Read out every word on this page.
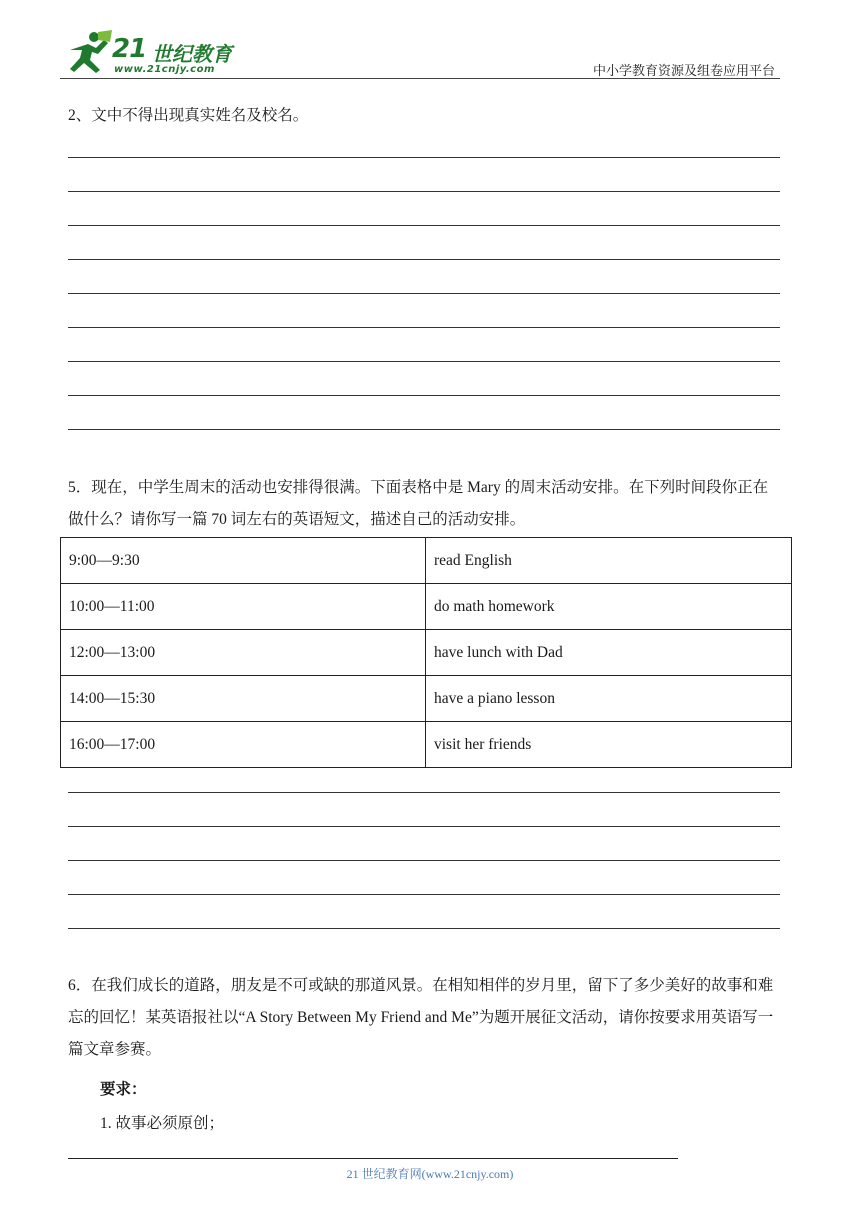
21 世纪教育
www.21cnjy.com	中小学教育资源及组卷应用平台
2、文中不得出现真实姓名及校名。
5．现在，中学生周末的活动也安排得很满。下面表格中是 Mary 的周末活动安排。在下列时间段你正在做什么？请你写一篇 70 词左右的英语短文，描述自己的活动安排。
9:00—9:30	read English
10:00—11:00	do math homework
12:00—13:00	have lunch with Dad
14:00—15:30	have a piano lesson
16:00—17:00	visit her friends
6．在我们成长的道路，朋友是不可或缺的那道风景。在相知相伴的岁月里，留下了多少美好的故事和难忘的回忆！某英语报社以“A Story Between My Friend and Me”为题开展征文活动，请你按要求用英语写一篇文章参赛。
要求：
1. 故事必须原创；
21 世纪教育网(www.21cnjy.com)
